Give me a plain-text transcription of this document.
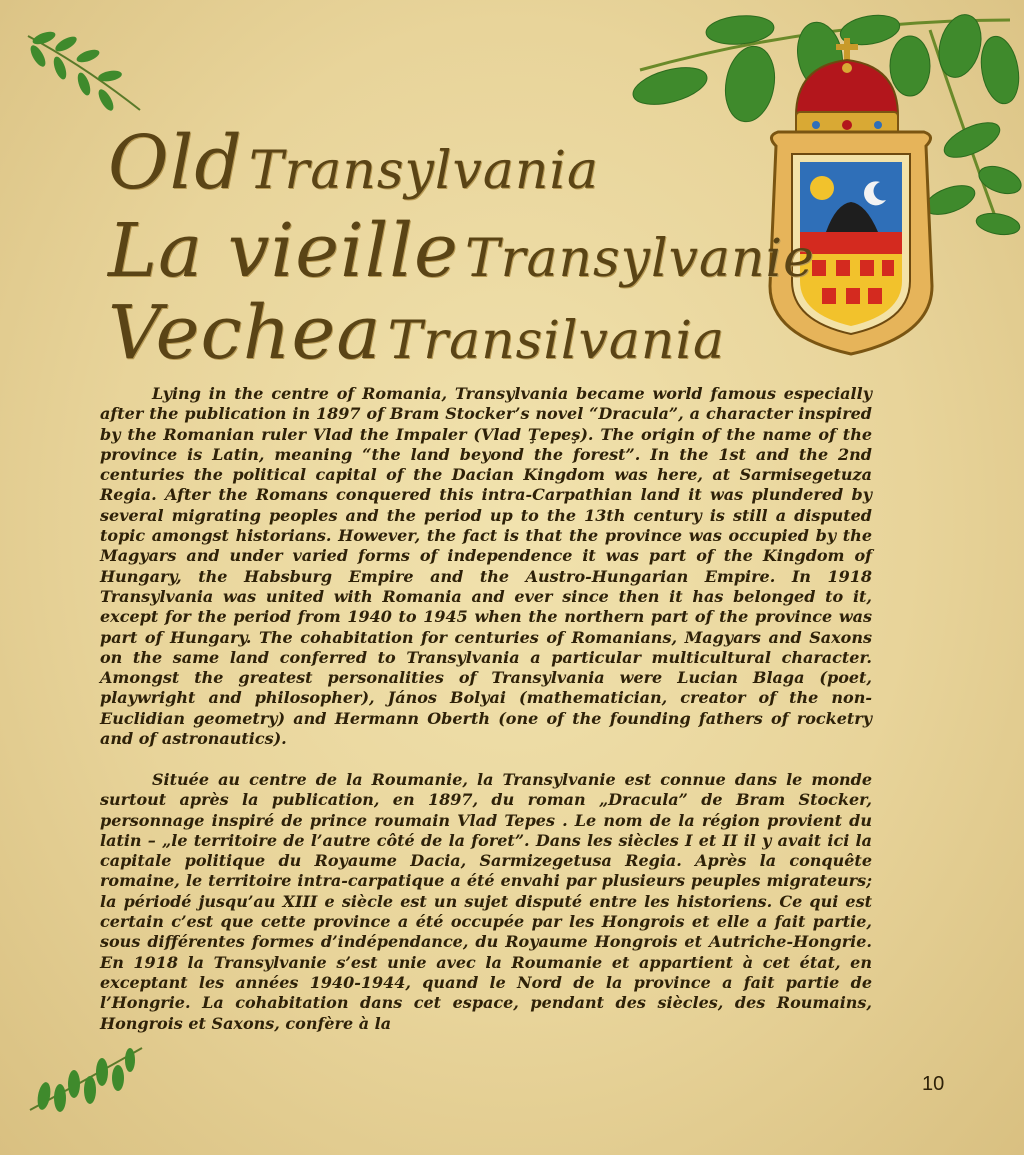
Old Transylvania
La vieille Transylvanie
Vechea Transilvania

Lying in the centre of Romania, Transylvania became world famous especially after the publication in 1897 of Bram Stocker’s novel “Dracula”, a character inspired by the Romanian ruler Vlad the Impaler (Vlad Ţepeş). The origin of the name of the province is Latin, meaning “the land beyond the forest”. In the 1st and the 2nd centuries the political capital of the Dacian Kingdom was here, at Sarmisegetuza Regia. After the Romans conquered this intra-Carpathian land it was plundered by several migrating peoples and the period up to the 13th century is still a disputed topic amongst historians. However, the fact is that the province was occupied by the Magyars and under varied forms of independence it was part of the Kingdom of Hungary, the Habsburg Empire and the Austro-Hungarian Empire. In 1918 Transylvania was united with Romania and ever since then it has belonged to it, except for the period from 1940 to 1945 when the northern part of the province was part of Hungary. The cohabitation for centuries of Romanians, Magyars and Saxons on the same land conferred to Transylvania a particular multicultural character. Amongst the greatest personalities of Transylvania were Lucian Blaga (poet, playwright and philosopher), János Bolyai (mathematician, creator of the non-Euclidian geometry) and Hermann Oberth (one of the founding fathers of rocketry and of astronautics).

Située au centre de la Roumanie, la Transylvanie est connue dans le monde surtout après la publication, en 1897, du roman „Dracula” de Bram Stocker, personnage inspiré de prince roumain Vlad Tepes . Le nom de la région provient du latin – „le territoire de l’autre côté de la foret”. Dans les siècles I et II il y avait ici la capitale politique du Royaume Dacia, Sarmizegetusa Regia. Après la conquête romaine, le territoire intra-carpatique a été envahi par plusieurs peuples migrateurs; la périodé jusqu’au XIII e siècle est un sujet disputé entre les historiens. Ce qui est certain c’est que cette province a été occupée par les Hongrois et elle a fait partie, sous différentes formes d’indépendance, du Royaume Hongrois et Autriche-Hongrie. En 1918 la Transylvanie s’est unie avec la Roumanie et appartient à cet état, en exceptant les années 1940-1944, quand le Nord de la province a fait partie de l’Hongrie. La cohabitation dans cet espace, pendant des siècles, des Roumains, Hongrois et Saxons, confère à la

10
